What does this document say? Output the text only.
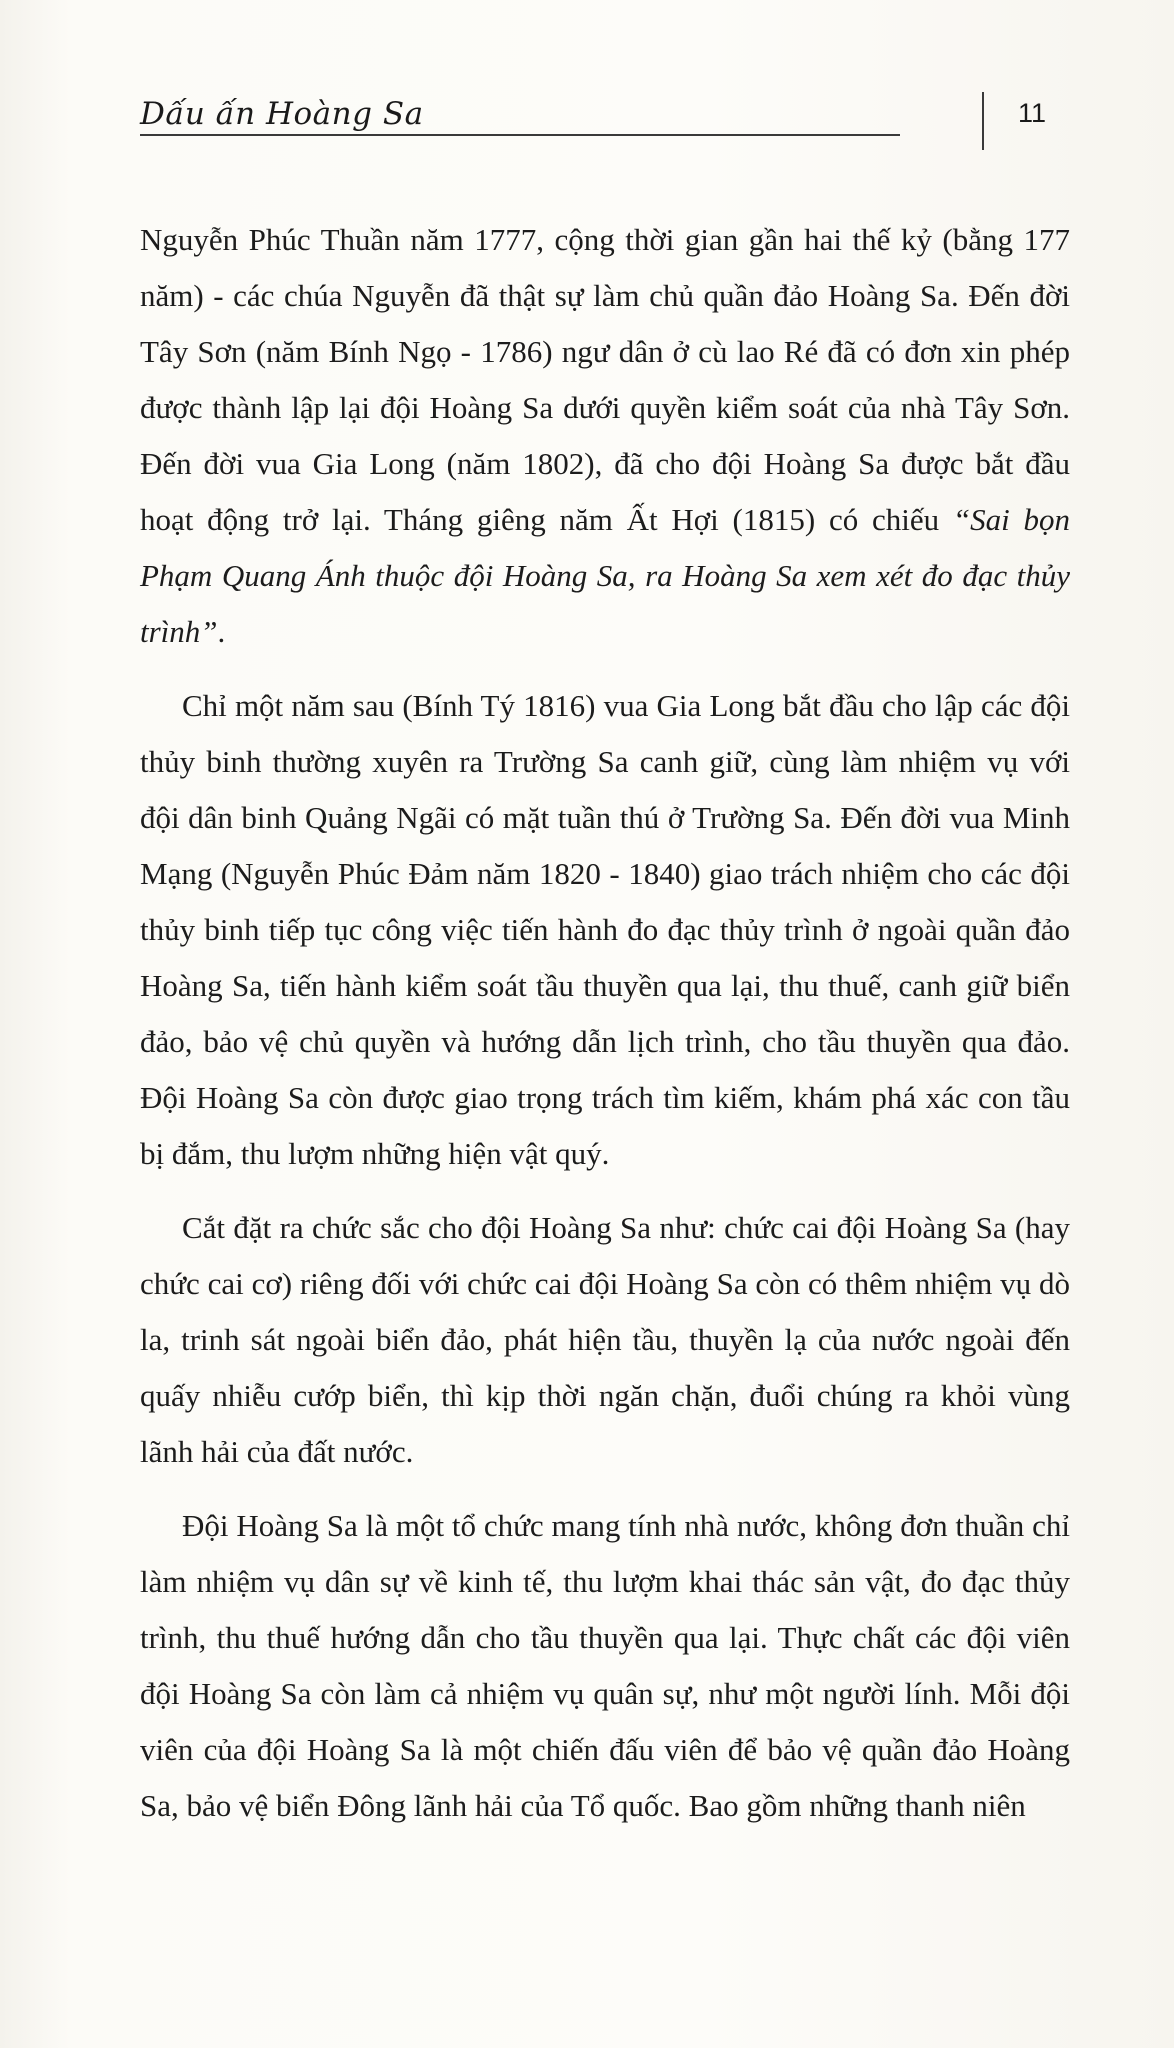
Dấu ấn Hoàng Sa	11

Nguyễn Phúc Thuần năm 1777, cộng thời gian gần hai thế kỷ (bằng 177 năm) - các chúa Nguyễn đã thật sự làm chủ quần đảo Hoàng Sa. Đến đời Tây Sơn (năm Bính Ngọ - 1786) ngư dân ở cù lao Ré đã có đơn xin phép được thành lập lại đội Hoàng Sa dưới quyền kiểm soát của nhà Tây Sơn. Đến đời vua Gia Long (năm 1802), đã cho đội Hoàng Sa được bắt đầu hoạt động trở lại. Tháng giêng năm Ất Hợi (1815) có chiếu “Sai bọn Phạm Quang Ánh thuộc đội Hoàng Sa, ra Hoàng Sa xem xét đo đạc thủy trình”.

Chỉ một năm sau (Bính Tý 1816) vua Gia Long bắt đầu cho lập các đội thủy binh thường xuyên ra Trường Sa canh giữ, cùng làm nhiệm vụ với đội dân binh Quảng Ngãi có mặt tuần thú ở Trường Sa. Đến đời vua Minh Mạng (Nguyễn Phúc Đảm năm 1820 - 1840) giao trách nhiệm cho các đội thủy binh tiếp tục công việc tiến hành đo đạc thủy trình ở ngoài quần đảo Hoàng Sa, tiến hành kiểm soát tầu thuyền qua lại, thu thuế, canh giữ biển đảo, bảo vệ chủ quyền và hướng dẫn lịch trình, cho tầu thuyền qua đảo. Đội Hoàng Sa còn được giao trọng trách tìm kiếm, khám phá xác con tầu bị đắm, thu lượm những hiện vật quý.

Cắt đặt ra chức sắc cho đội Hoàng Sa như: chức cai đội Hoàng Sa (hay chức cai cơ) riêng đối với chức cai đội Hoàng Sa còn có thêm nhiệm vụ dò la, trinh sát ngoài biển đảo, phát hiện tầu, thuyền lạ của nước ngoài đến quấy nhiễu cướp biển, thì kịp thời ngăn chặn, đuổi chúng ra khỏi vùng lãnh hải của đất nước.

Đội Hoàng Sa là một tổ chức mang tính nhà nước, không đơn thuần chỉ làm nhiệm vụ dân sự về kinh tế, thu lượm khai thác sản vật, đo đạc thủy trình, thu thuế hướng dẫn cho tầu thuyền qua lại. Thực chất các đội viên đội Hoàng Sa còn làm cả nhiệm vụ quân sự, như một người lính. Mỗi đội viên của đội Hoàng Sa là một chiến đấu viên để bảo vệ quần đảo Hoàng Sa, bảo vệ biển Đông lãnh hải của Tổ quốc. Bao gồm những thanh niên
